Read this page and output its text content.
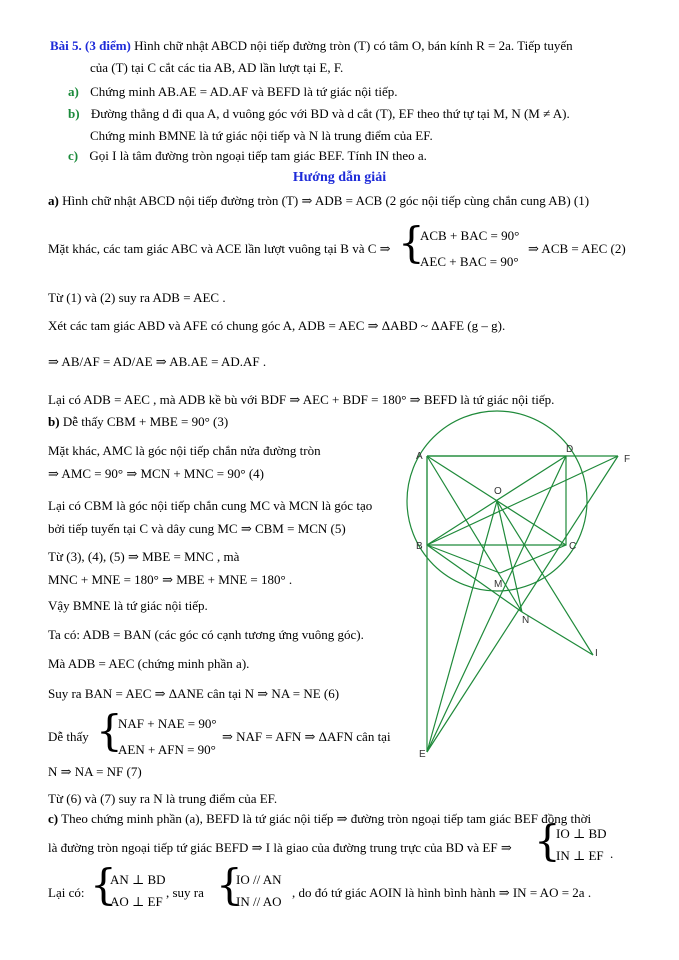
Bài 5. (3 điểm) Hình chữ nhật ABCD nội tiếp đường tròn (T) có tâm O, bán kính R = 2a. Tiếp tuyến
của (T) tại C cắt các tia AB, AD lần lượt tại E, F.
a) Chứng minh AB.AE = AD.AF và BEFD là tứ giác nội tiếp.
b) Đường thẳng d đi qua A, d vuông góc với BD và d cắt (T), EF theo thứ tự tại M, N (M ≠ A).
Chứng minh BMNE là tứ giác nội tiếp và N là trung điểm của EF.
c) Gọi I là tâm đường tròn ngoại tiếp tam giác BEF. Tính IN theo a.
Hướng dẫn giải
a) Hình chữ nhật ABCD nội tiếp đường tròn (T) ⇒ ADB = ACB (2 góc nội tiếp cùng chắn cung AB) (1)
Mặt khác, các tam giác ABC và ACE lần lượt vuông tại B và C ⇒ {
ACB + BAC = 90°
AEC + BAC = 90°
⇒ ACB = AEC (2)
Từ (1) và (2) suy ra ADB = AEC .
Xét các tam giác ABD và AFE có chung góc A, ADB = AEC ⇒ ΔABD ~ ΔAFE (g – g).
⇒ AB/AF = AD/AE ⇒ AB.AE = AD.AF .
Lại có ADB = AEC , mà ADB kề bù với BDF ⇒ AEC + BDF = 180° ⇒ BEFD là tứ giác nội tiếp.
b) Dễ thấy CBM + MBE = 90° (3)
Mặt khác, AMC là góc nội tiếp chắn nửa đường tròn
⇒ AMC = 90° ⇒ MCN + MNC = 90° (4)
Lại có CBM là góc nội tiếp chắn cung MC và MCN là góc tạo
bởi tiếp tuyến tại C và dây cung MC ⇒ CBM = MCN (5)
Từ (3), (4), (5) ⇒ MBE = MNC , mà
MNC + MNE = 180° ⇒ MBE + MNE = 180° .
Vậy BMNE là tứ giác nội tiếp.
Ta có: ADB = BAN (các góc có cạnh tương ứng vuông góc).
Mà ADB = AEC (chứng minh phần a).
Suy ra BAN = AEC ⇒ ΔANE cân tại N ⇒ NA = NE (6)
Dễ thấy {
NAF + NAE = 90°
AEN + AFN = 90°
⇒ NAF = AFN ⇒ ΔAFN cân tại
N ⇒ NA = NF (7)
Từ (6) và (7) suy ra N là trung điểm của EF.
c) Theo chứng minh phần (a), BEFD là tứ giác nội tiếp ⇒ đường tròn ngoại tiếp tam giác BEF đồng thời
là đường tròn ngoại tiếp tứ giác BEFD ⇒ I là giao của đường trung trực của BD và EF ⇒ {
IO ⊥ BD
IN ⊥ EF .
Lại có: {
AN ⊥ BD
AO ⊥ EF
, suy ra {
IO // AN
IN // AO
, do đó tứ giác AOIN là hình bình hành ⇒ IN = AO = 2a .
A
D
F
O
B	C
M
N
I
E
